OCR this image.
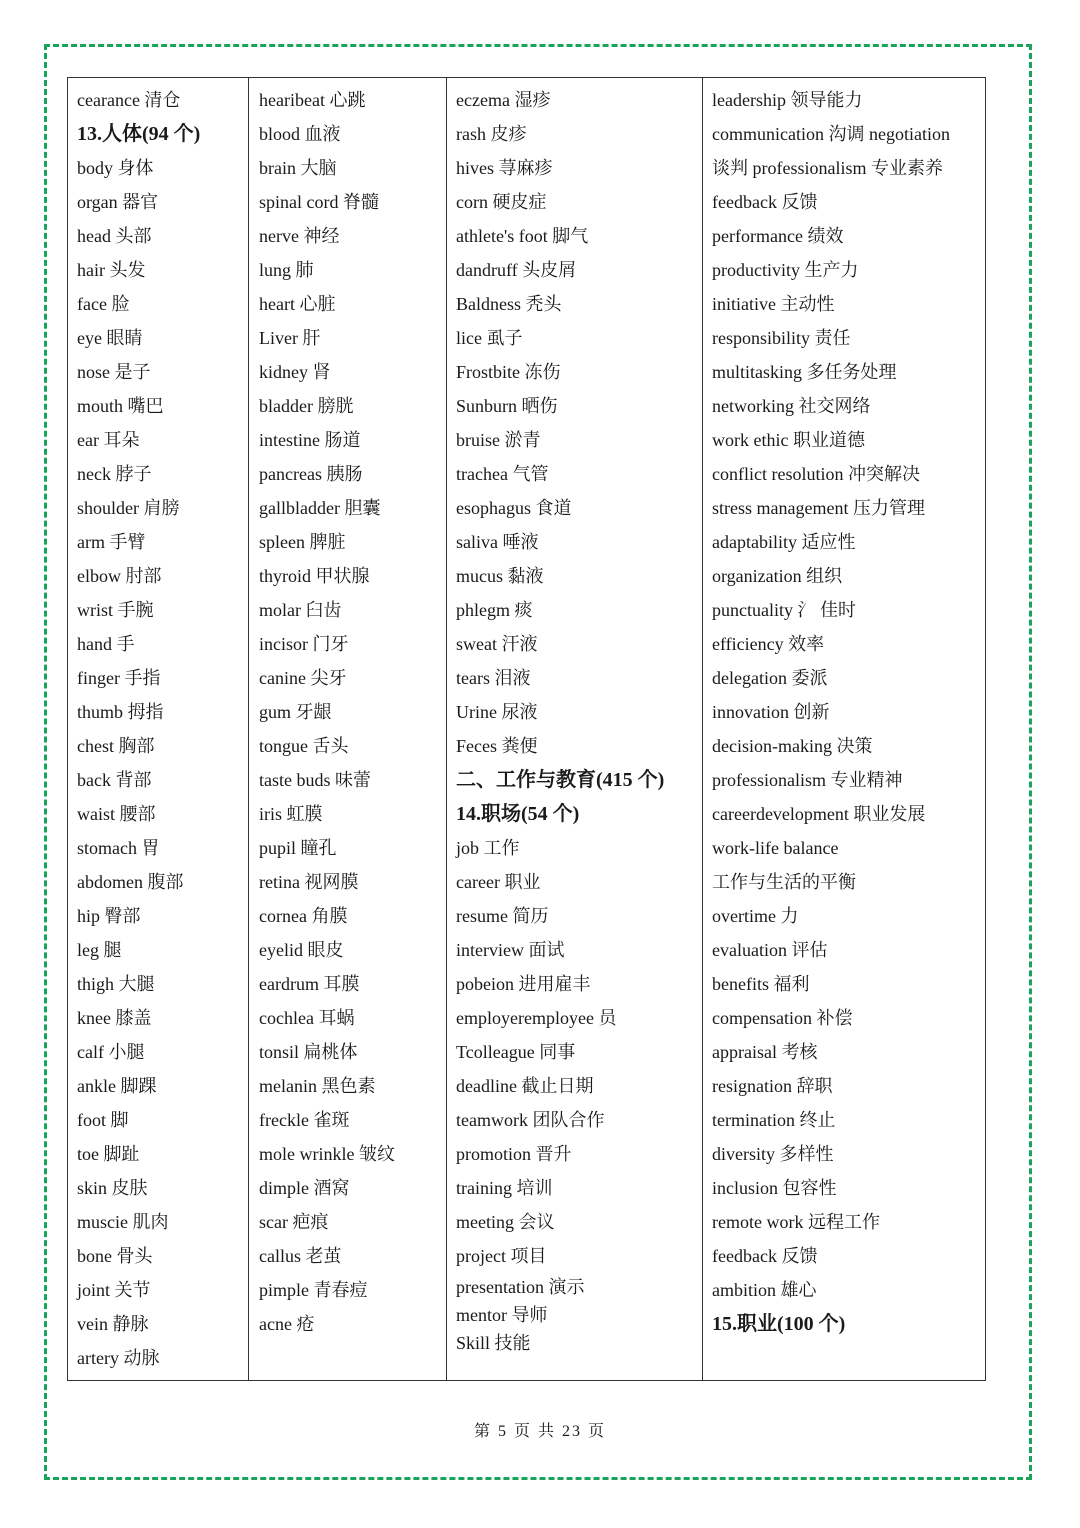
cearance 清仓
13.人体(94 个)
body 身体
organ 器官
head 头部
hair 头发
face 脸
eye 眼睛
nose 是子
mouth 嘴巴
ear 耳朵
neck 脖子
shoulder 肩膀
arm 手臂
elbow 肘部
wrist 手腕
hand 手
finger 手指
thumb 拇指
chest 胸部
back 背部
waist 腰部
stomach 胃
abdomen 腹部
hip 臀部
leg 腿
thigh 大腿
knee 膝盖
calf 小腿
ankle 脚踝
foot 脚
toe 脚趾
skin 皮肤
muscie 肌肉
bone 骨头
joint 关节
vein 静脉
artery 动脉
hearibeat 心跳
blood 血液
brain 大脑
spinal cord 脊髓
nerve 神经
lung 肺
heart 心脏
Liver 肝
kidney 肾
bladder 膀胱
intestine 肠道
pancreas 胰肠
gallbladder 胆囊
spleen 脾脏
thyroid 甲状腺
molar 臼齿
incisor 门牙
canine 尖牙
gum 牙龈
tongue 舌头
taste buds 味蕾
iris 虹膜
pupil 瞳孔
retina 视网膜
cornea 角膜
eyelid 眼皮
eardrum 耳膜
cochlea 耳蜗
tonsil 扁桃体
melanin 黑色素
freckle 雀斑
mole wrinkle 皱纹
dimple 酒窝
scar 疤痕
callus 老茧
pimple 青春痘
acne 疮
eczema 湿疹
rash 皮疹
hives 荨麻疹
corn 硬皮症
athlete's foot 脚气
dandruff 头皮屑
Baldness 秃头
lice 虱子
Frostbite 冻伤
Sunburn 晒伤
bruise 淤青
trachea 气管
esophagus 食道
saliva 唾液
mucus 黏液
phlegm 痰
sweat 汗液
tears 泪液
Urine 尿液
Feces 粪便
二、工作与教育(415 个)
14.职场(54 个)
job 工作
career 职业
resume 简历
interview 面试
pobeion 进用雇丰
employeremployee 员
Tcolleague 同事
deadline 截止日期
teamwork 团队合作
promotion 晋升
training 培训
meeting 会议
project 项目
presentation 演示
mentor 导师
Skill 技能
leadership 领导能力
communication 沟调 negotiation
谈判 professionalism 专业素养
feedback 反馈
performance 绩效
productivity 生产力
initiative 主动性
responsibility 责任
multitasking 多任务处理
networking 社交网络
work ethic 职业道德
conflict resolution 冲突解决
stress management 压力管理
adaptability 适应性
organization 组织
punctuality 氵 佳时
efficiency 效率
delegation 委派
innovation 创新
decision-making 决策
professionalism 专业精神
careerdevelopment 职业发展
work-life balance
工作与生活的平衡
overtime 力
evaluation 评估
benefits 福利
compensation 补偿
appraisal 考核
resignation 辞职
termination 终止
diversity 多样性
inclusion 包容性
remote work 远程工作
feedback 反馈
ambition 雄心
15.职业(100 个)
第 5 页 共 23 页
